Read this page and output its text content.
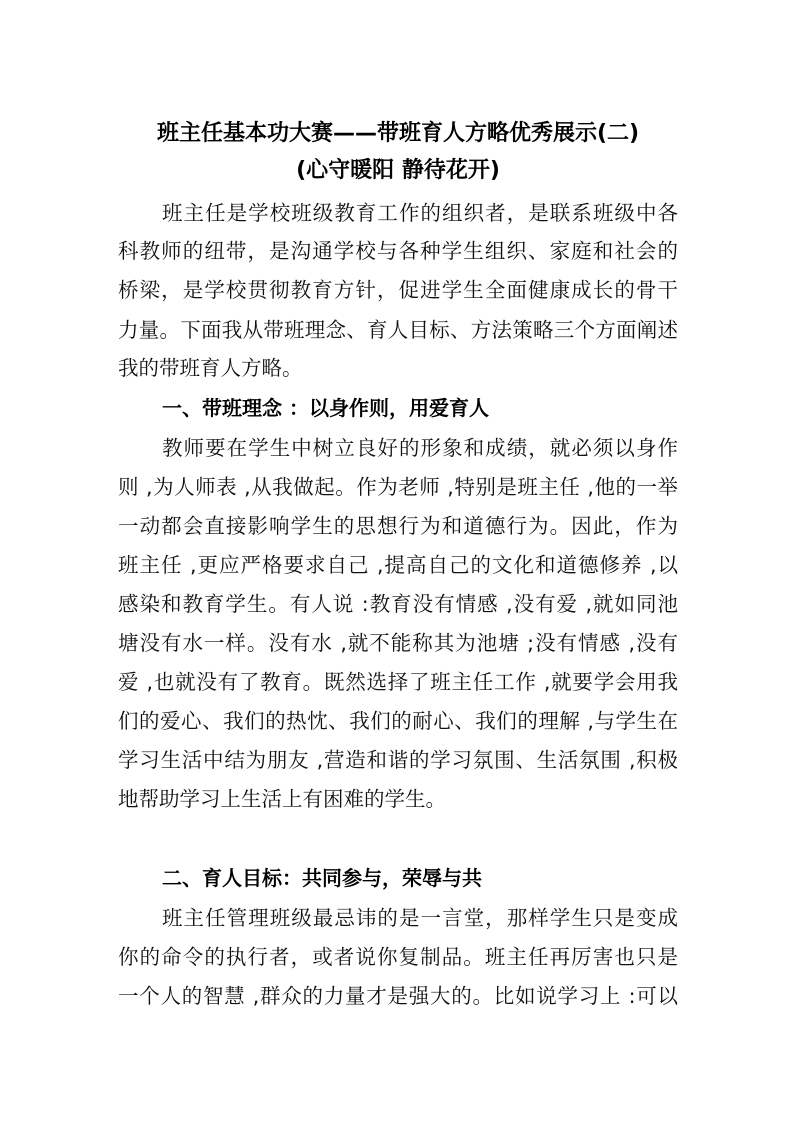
班主任基本功大赛——带班育人方略优秀展示(二)
(心守暖阳 静待花开)
班主任是学校班级教育工作的组织者，是联系班级中各
科教师的纽带，是沟通学校与各种学生组织、家庭和社会的
桥梁，是学校贯彻教育方针，促进学生全面健康成长的骨干
力量。下面我从带班理念、育人目标、方法策略三个方面阐述
我的带班育人方略。
一、带班理念 ：以身作则，用爱育人
教师要在学生中树立良好的形象和成绩，就必须以身作
则 ,为人师表 ,从我做起。作为老师 ,特别是班主任 ,他的一举
一动都会直接影响学生的思想行为和道德行为。因此，作为
班主任 ,更应严格要求自己 ,提高自己的文化和道德修养 ,以
感染和教育学生。有人说 :教育没有情感 ,没有爱 ,就如同池
塘没有水一样。没有水 ,就不能称其为池塘 ;没有情感 ,没有
爱 ,也就没有了教育。既然选择了班主任工作 ,就要学会用我
们的爱心、我们的热忱、我们的耐心、我们的理解 ,与学生在
学习生活中结为朋友 ,营造和谐的学习氛围、生活氛围 ,积极
地帮助学习上生活上有困难的学生。
二、育人目标：共同参与，荣辱与共
班主任管理班级最忌讳的是一言堂，那样学生只是变成
你的命令的执行者，或者说你复制品。班主任再厉害也只是
一个人的智慧 ,群众的力量才是强大的。比如说学习上 :可以
